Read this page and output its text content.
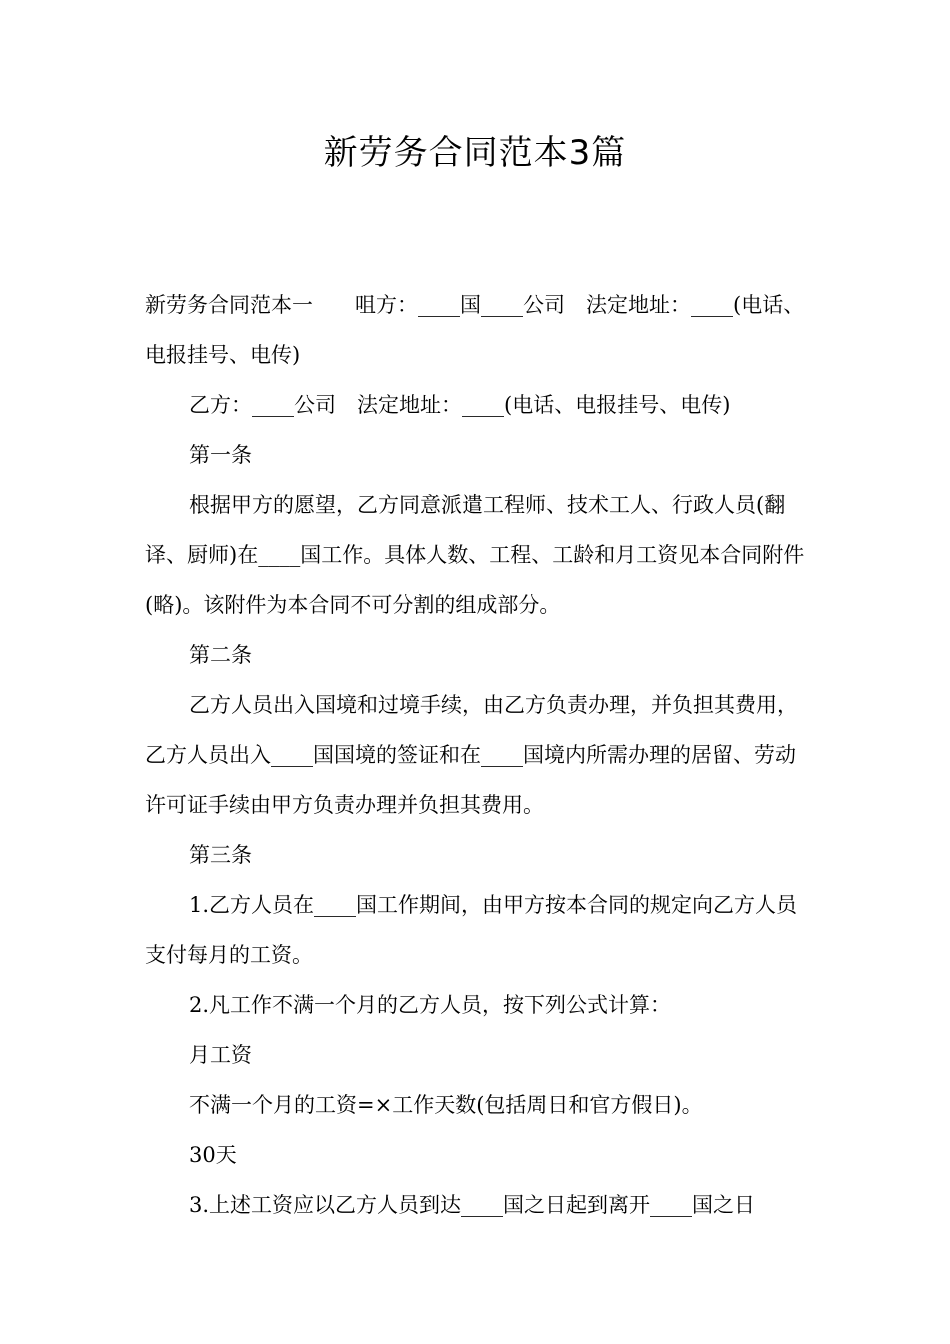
新劳务合同范本3篇

新劳务合同范本一　　咀方：____国____公司　法定地址：____(电话、电报挂号、电传)

乙方：____公司　法定地址：____(电话、电报挂号、电传)

第一条

根据甲方的愿望，乙方同意派遣工程师、技术工人、行政人员(翻译、厨师)在____国工作。具体人数、工程、工龄和月工资见本合同附件(略)。该附件为本合同不可分割的组成部分。

第二条

乙方人员出入国境和过境手续，由乙方负责办理，并负担其费用，乙方人员出入____国国境的签证和在____国境内所需办理的居留、劳动许可证手续由甲方负责办理并负担其费用。

第三条

1.乙方人员在____国工作期间，由甲方按本合同的规定向乙方人员支付每月的工资。

2.凡工作不满一个月的乙方人员，按下列公式计算：

月工资

不满一个月的工资=×工作天数(包括周日和官方假日)。

30天

3.上述工资应以乙方人员到达____国之日起到离开____国之日
